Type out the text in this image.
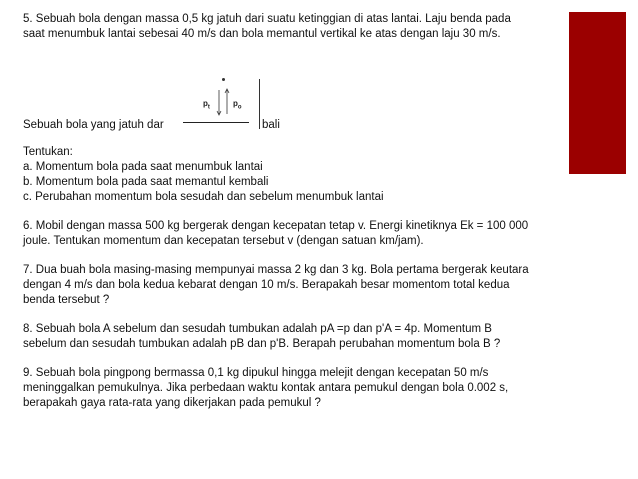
5. Sebuah bola dengan massa 0,5 kg jatuh dari suatu ketinggian di atas lantai. Laju benda pada
saat menumbuk lantai sebesai 40 m/s dan bola memantul vertikal ke atas dengan laju 30 m/s.
Sebuah bola yang jatuh dar	bali
$p_t$	$p_o$
Tentukan:
a. Momentum bola pada saat menumbuk lantai
b. Momentum bola pada saat memantul kembali
c. Perubahan momentum bola sesudah dan sebelum menumbuk lantai
6. Mobil dengan massa 500 kg bergerak dengan kecepatan tetap v. Energi kinetiknya Ek = 100 000
joule. Tentukan momentum dan kecepatan tersebut v (dengan satuan km/jam).
7. Dua buah bola masing-masing mempunyai massa 2 kg dan 3 kg. Bola pertama bergerak keutara
dengan 4 m/s dan bola kedua kebarat dengan 10 m/s. Berapakah besar momentom total kedua
benda tersebut ?
8. Sebuah bola A sebelum dan sesudah tumbukan adalah pA =p dan p'A = 4p. Momentum B
sebelum dan sesudah tumbukan adalah pB dan p'B. Berapah perubahan momentum bola B ?
9. Sebuah bola pingpong bermassa 0,1 kg dipukul hingga melejit dengan kecepatan 50 m/s
meninggalkan pemukulnya. Jika perbedaan waktu kontak antara pemukul dengan bola 0.002 s,
berapakah gaya rata-rata yang dikerjakan pada pemukul ?
